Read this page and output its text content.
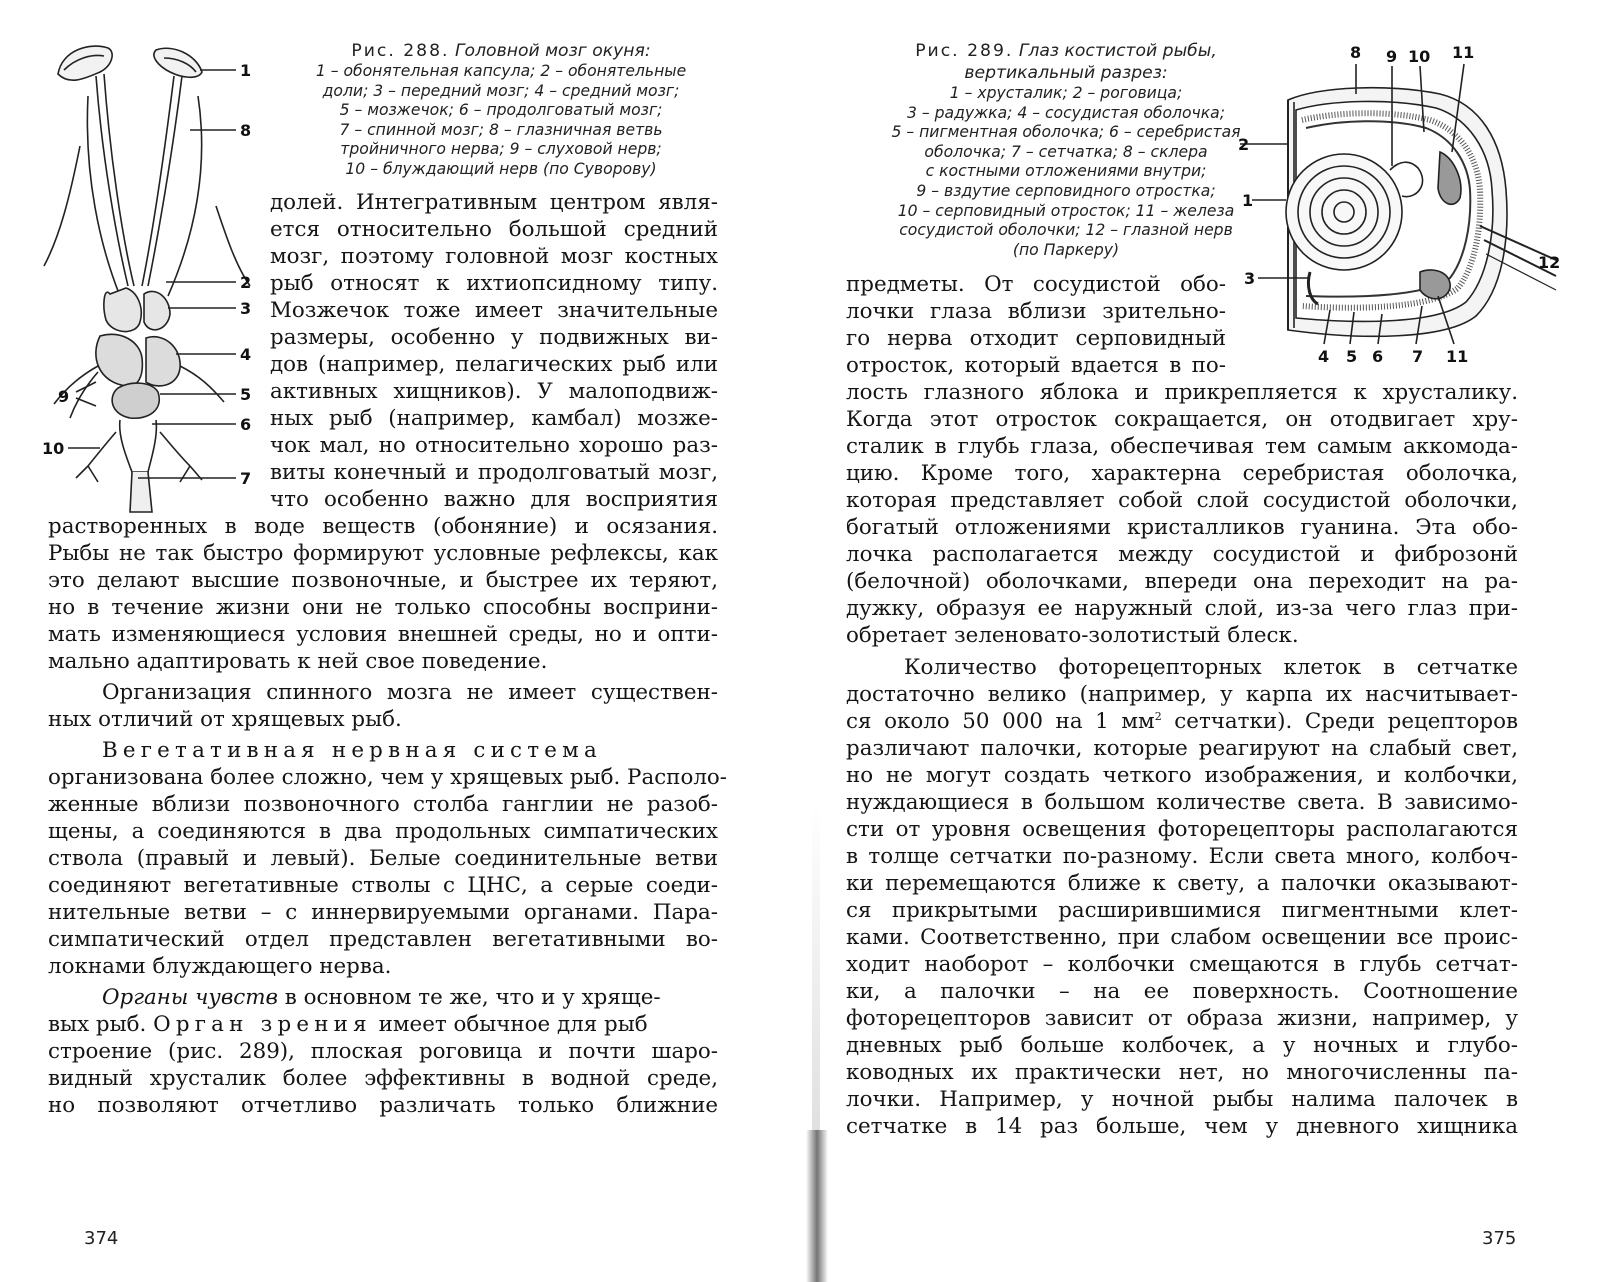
1
8
2
3
4
9	5
6
10
7
Рис. 288. Головной мозг окуня:
1 – обонятельная капсула; 2 – обонятельные
доли; 3 – передний мозг; 4 – средний мозг;
5 – мозжечок; 6 – продолговатый мозг;
7 – спинной мозг; 8 – глазничная ветвь
тройничного нерва; 9 – слуховой нерв;
10 – блуждающий нерв (по Суворову)
долей. Интегративным центром явля-
ется относительно большой средний
мозг, поэтому головной мозг костных
рыб относят к ихтиопсидному типу.
Мозжечок тоже имеет значительные
размеры, особенно у подвижных ви-
дов (например, пелагических рыб или
активных хищников). У малоподвиж-
ных рыб (например, камбал) мозже-
чок мал, но относительно хорошо раз-
виты конечный и продолговатый мозг,
что особенно важно для восприятия
растворенных в воде веществ (обоняние) и осязания.
Рыбы не так быстро формируют условные рефлексы, как
это делают высшие позвоночные, и быстрее их теряют,
но в течение жизни они не только способны восприни-
мать изменяющиеся условия внешней среды, но и опти-
мально адаптировать к ней свое поведение.
Организация спинного мозга не имеет существен-
ных отличий от хрящевых рыб.
Вегетативная нервная система
организована более сложно, чем у хрящевых рыб. Располо-
женные вблизи позвоночного столба ганглии не разоб-
щены, а соединяются в два продольных симпатических
ствола (правый и левый). Белые соединительные ветви
соединяют вегетативные стволы с ЦНС, а серые соеди-
нительные ветви – с иннервируемыми органами. Пара-
симпатический отдел представлен вегетативными во-
локнами блуждающего нерва.
Органы чувств в основном те же, что и у хряще-
вых рыб. Орган зрения имеет обычное для рыб
строение (рис. 289), плоская роговица и почти шаро-
видный хрусталик более эффективны в водной среде,
но позволяют отчетливо различать только ближние
374
Рис. 289. Глаз костистой рыбы,
вертикальный разрез:
1 – хрусталик; 2 – роговица;
3 – радужка; 4 – сосудистая оболочка;
5 – пигментная оболочка; 6 – серебристая
оболочка; 7 – сетчатка; 8 – склера
с костными отложениями внутри;
9 – вздутие серповидного отростка;
10 – серповидный отросток; 11 – железа
сосудистой оболочки; 12 – глазной нерв
(по Паркеру)
8 9 10 11
2
1
12
3
4 5 6 7 11
предметы. От сосудистой обо-
лочки глаза вблизи зрительно-
го нерва отходит серповидный
отросток, который вдается в по-
лость глазного яблока и прикрепляется к хрусталику.
Когда этот отросток сокращается, он отодвигает хру-
сталик в глубь глаза, обеспечивая тем самым аккомода-
цию. Кроме того, характерна серебристая оболочка,
которая представляет собой слой сосудистой оболочки,
богатый отложениями кристалликов гуанина. Эта обо-
лочка располагается между сосудистой и фиброзонй
(белочной) оболочками, впереди она переходит на ра-
дужку, образуя ее наружный слой, из-за чего глаз при-
обретает зеленовато-золотистый блеск.
Количество фоторецепторных клеток в сетчатке
достаточно велико (например, у карпа их насчитывает-
ся около 50 000 на 1 $мм^2$ сетчатки). Среди рецепторов
различают палочки, которые реагируют на слабый свет,
но не могут создать четкого изображения, и колбочки,
нуждающиеся в большом количестве света. В зависимо-
сти от уровня освещения фоторецепторы располагаются
в толще сетчатки по-разному. Если света много, колбоч-
ки перемещаются ближе к свету, а палочки оказывают-
ся прикрытыми расширившимися пигментными клет-
ками. Соответственно, при слабом освещении все проис-
ходит наоборот – колбочки смещаются в глубь сетчат-
ки, а палочки – на ее поверхность. Соотношение
фоторецепторов зависит от образа жизни, например, у
дневных рыб больше колбочек, а у ночных и глубо-
ководных их практически нет, но многочисленны па-
лочки. Например, у ночной рыбы налима палочек в
сетчатке в 14 раз больше, чем у дневного хищника
375
